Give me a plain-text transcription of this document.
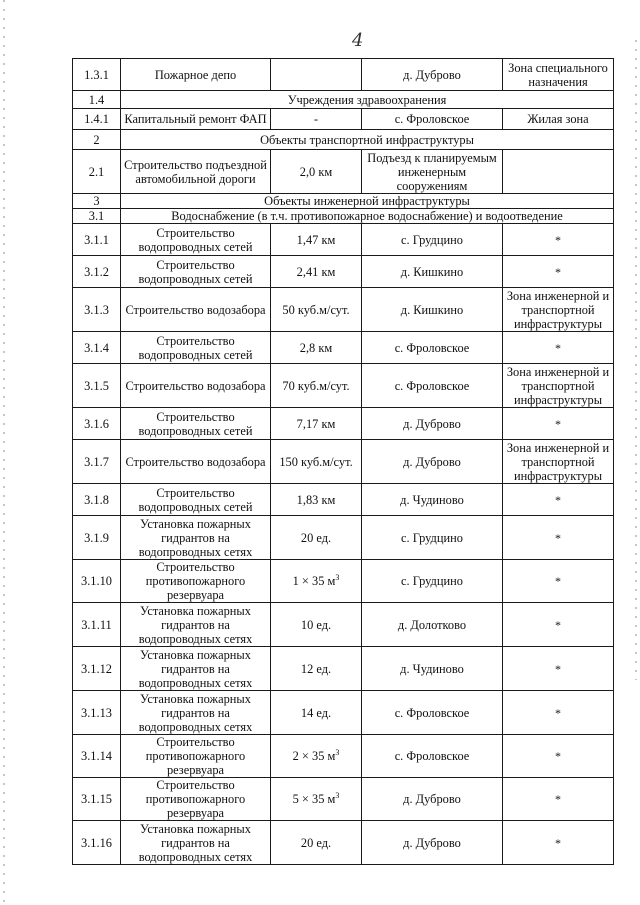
4
1.3.1	Пожарное депо		д. Дуброво	Зона специального назначения
1.4	Учреждения здравоохранения			
1.4.1	Капитальный ремонт ФАП	-	с. Фроловское	Жилая зона
2	Объекты транспортной инфраструктуры			
2.1	Строительство подъездной автомобильной дороги	2,0 км	Подъезд к планируемым инженерным сооружениям	
3	Объекты инженерной инфраструктуры			
3.1	Водоснабжение (в т.ч. противопожарное водоснабжение) и водоотведение			
3.1.1	Строительство водопроводных сетей	1,47 км	с. Грудцино	*
3.1.2	Строительство водопроводных сетей	2,41 км	д. Кишкино	*
3.1.3	Строительство водозабора	50 куб.м/сут.	д. Кишкино	Зона инженерной и транспортной инфраструктуры
3.1.4	Строительство водопроводных сетей	2,8 км	с. Фроловское	*
3.1.5	Строительство водозабора	70 куб.м/сут.	с. Фроловское	Зона инженерной и транспортной инфраструктуры
3.1.6	Строительство водопроводных сетей	7,17 км	д. Дуброво	*
3.1.7	Строительство водозабора	150 куб.м/сут.	д. Дуброво	Зона инженерной и транспортной инфраструктуры
3.1.8	Строительство водопроводных сетей	1,83 км	д. Чудиново	*
3.1.9	Установка пожарных гидрантов на водопроводных сетях	20 ед.	с. Грудцино	*
3.1.10	Строительство противопожарного резервуара	1 × 35 $м^3$	с. Грудцино	*
3.1.11	Установка пожарных гидрантов на водопроводных сетях	10 ед.	д. Долотково	*
3.1.12	Установка пожарных гидрантов на водопроводных сетях	12 ед.	д. Чудиново	*
3.1.13	Установка пожарных гидрантов на водопроводных сетях	14 ед.	с. Фроловское	*
3.1.14	Строительство противопожарного резервуара	2 × 35 $м^3$	с. Фроловское	*
3.1.15	Строительство противопожарного резервуара	5 × 35 $м^3$	д. Дуброво	*
3.1.16	Установка пожарных гидрантов на водопроводных сетях	20 ед.	д. Дуброво	*
